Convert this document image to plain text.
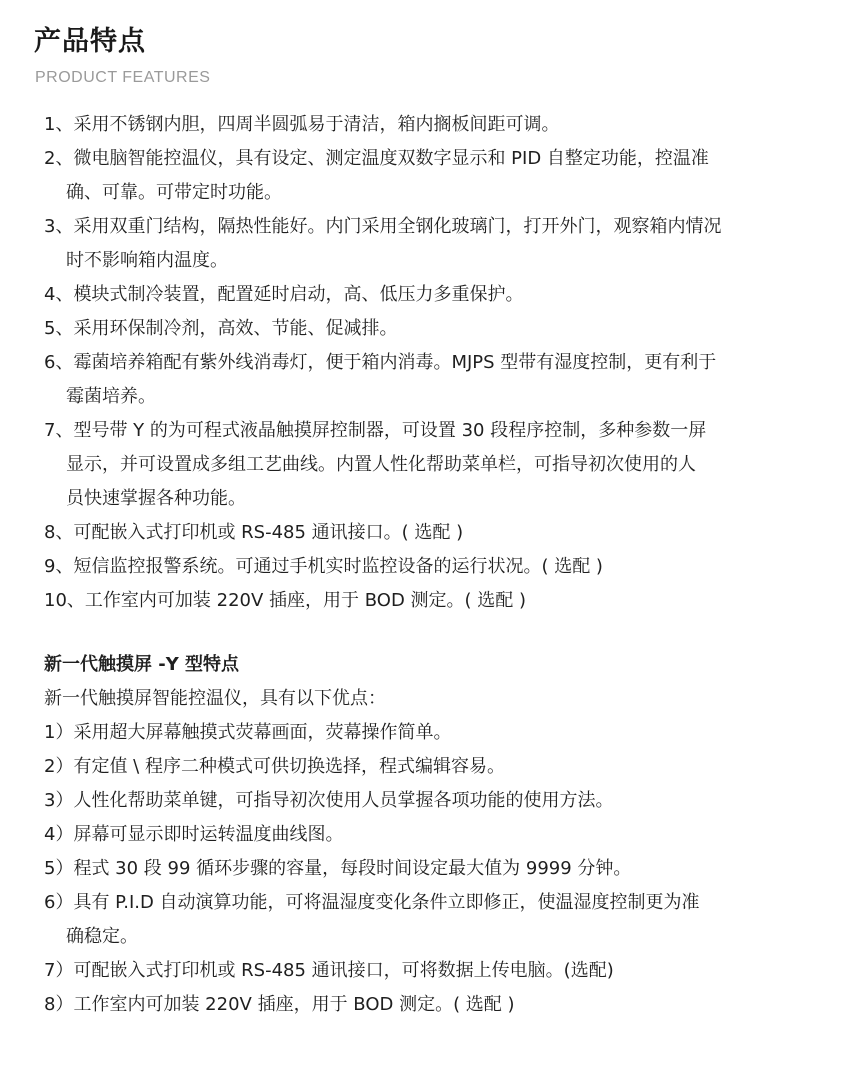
产品特点
PRODUCT FEATURES
1、采用不锈钢内胆，四周半圆弧易于清洁，箱内搁板间距可调。
2、微电脑智能控温仪，具有设定、测定温度双数字显示和 PID 自整定功能，控温准
确、可靠。可带定时功能。
3、采用双重门结构，隔热性能好。内门采用全钢化玻璃门，打开外门，观察箱内情况
时不影响箱内温度。
4、模块式制冷装置，配置延时启动，高、低压力多重保护。
5、采用环保制冷剂，高效、节能、促减排。
6、霉菌培养箱配有紫外线消毒灯，便于箱内消毒。MJPS 型带有湿度控制，更有利于
霉菌培养。
7、型号带 Y 的为可程式液晶触摸屏控制器，可设置 30 段程序控制，多种参数一屏
显示，并可设置成多组工艺曲线。内置人性化帮助菜单栏，可指导初次使用的人
员快速掌握各种功能。
8、可配嵌入式打印机或 RS-485 通讯接口。( 选配 )
9、短信监控报警系统。可通过手机实时监控设备的运行状况。( 选配 )
10、工作室内可加装 220V 插座，用于 BOD 测定。( 选配 )
新一代触摸屏 -Y 型特点
新一代触摸屏智能控温仪，具有以下优点：
1）采用超大屏幕触摸式荧幕画面，荧幕操作简单。
2）有定值 \ 程序二种模式可供切换选择，程式编辑容易。
3）人性化帮助菜单键，可指导初次使用人员掌握各项功能的使用方法。
4）屏幕可显示即时运转温度曲线图。
5）程式 30 段 99 循环步骤的容量，每段时间设定最大值为 9999 分钟。
6）具有 P.I.D 自动演算功能，可将温湿度变化条件立即修正，使温湿度控制更为准
确稳定。
7）可配嵌入式打印机或 RS-485 通讯接口，可将数据上传电脑。(选配)
8）工作室内可加装 220V 插座，用于 BOD 测定。( 选配 )
